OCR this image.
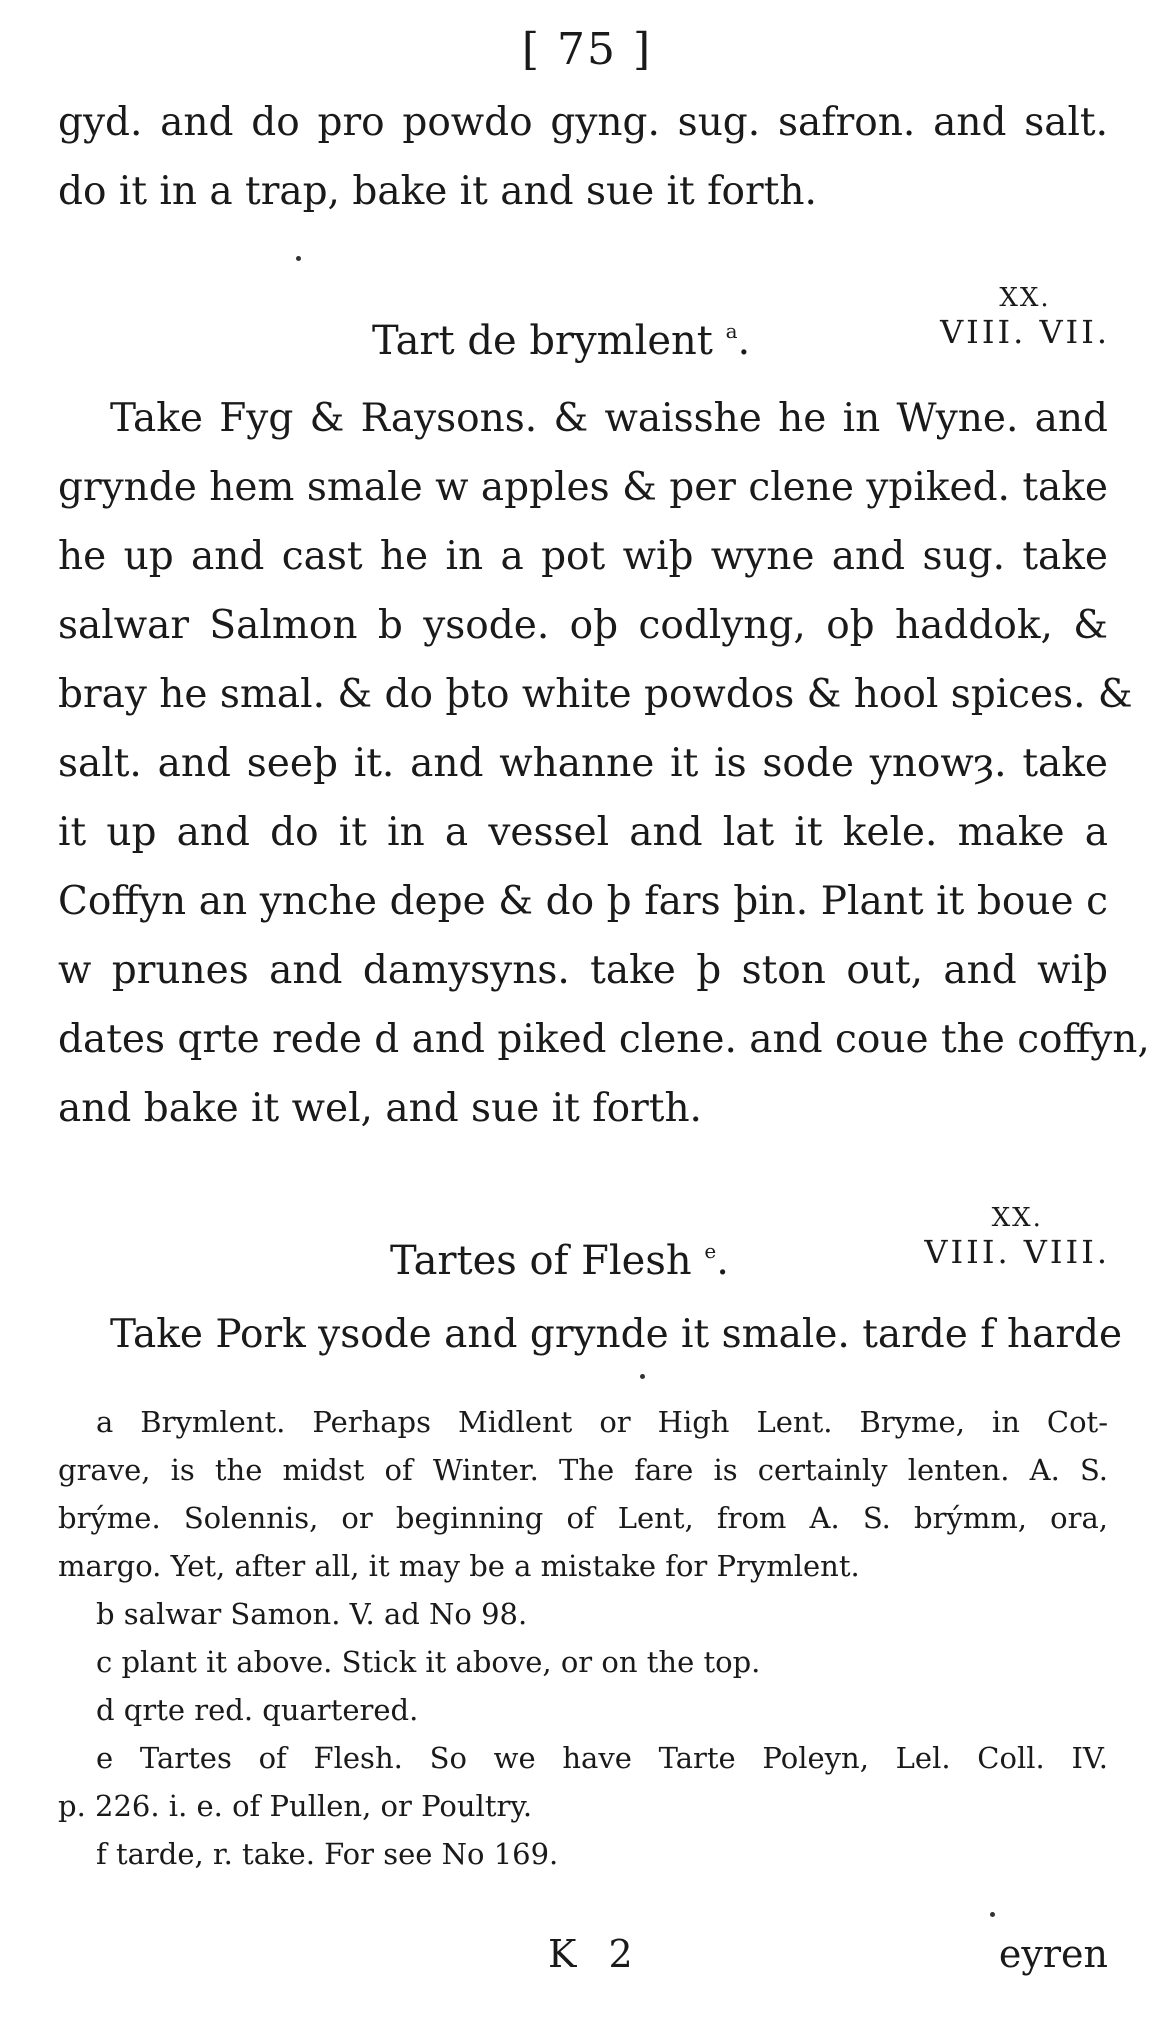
[ 75 ]
gyd. and do pro powdo gyng. sug. safron. and salt.
do it in a trap, bake it and sue it forth.
Tart de brymlent $^a$.
XX.
VIII. VII.
Take Fyg & Raysons. & waisshe he in Wyne. and
grynde hem smale w apples & per clene ypiked. take
he up and cast he in a pot wiþ wyne and sug. take
salwar Salmon b ysode. oþ codlyng, oþ haddok, &
bray he smal. & do þto white powdos & hool spices. &
salt. and seeþ it. and whanne it is sode ynowȝ. take
it up and do it in a vessel and lat it kele. make a
Coffyn an ynche depe & do þ fars þin. Plant it boue c
w prunes and damysyns. take þ ston out, and wiþ
dates qrte rede d and piked clene. and coue the coffyn,
and bake it wel, and sue it forth.
Tartes of Flesh $^e$.
XX.
VIII. VIII.
Take Pork ysode and grynde it smale. tarde f harde
a Brymlent. Perhaps Midlent or High Lent. Bryme, in Cot-
grave, is the midst of Winter. The fare is certainly lenten. A. S.
brýme. Solennis, or beginning of Lent, from A. S. brýmm, ora,
margo. Yet, after all, it may be a mistake for Prymlent.
b salwar Samon. V. ad No 98.
c plant it above. Stick it above, or on the top.
d qrte red. quartered.
e Tartes of Flesh. So we have Tarte Poleyn, Lel. Coll. IV.
p. 226. i. e. of Pullen, or Poultry.
f tarde, r. take. For see No 169.
K 2	eyren
